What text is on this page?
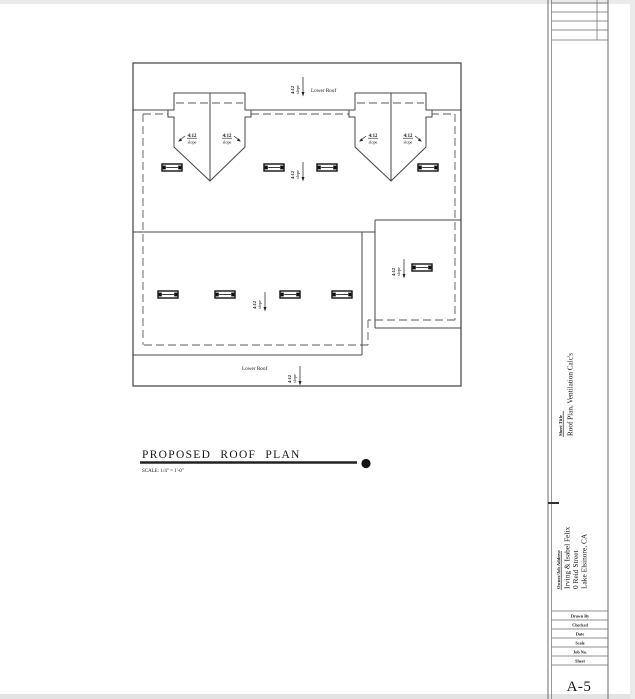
4:12
slope
4:12
slope
4:12
slope
4:12
slope
4:12 slope
4:12 slope
4:12 slope
4:12 slope
4:12 slope
Lower Roof
Lower Roof
PROPOSED ROOF PLAN
SCALE: 1/4" = 1'-0"
Sheet Title Roof Plan, Ventilation Calc's
Owner/Job Address Irving & Isabel Felix 0 Reid Street Lake Elsinore, CA
Drawn By
Checked
Date
Scale
Job No.
Sheet
A-5
